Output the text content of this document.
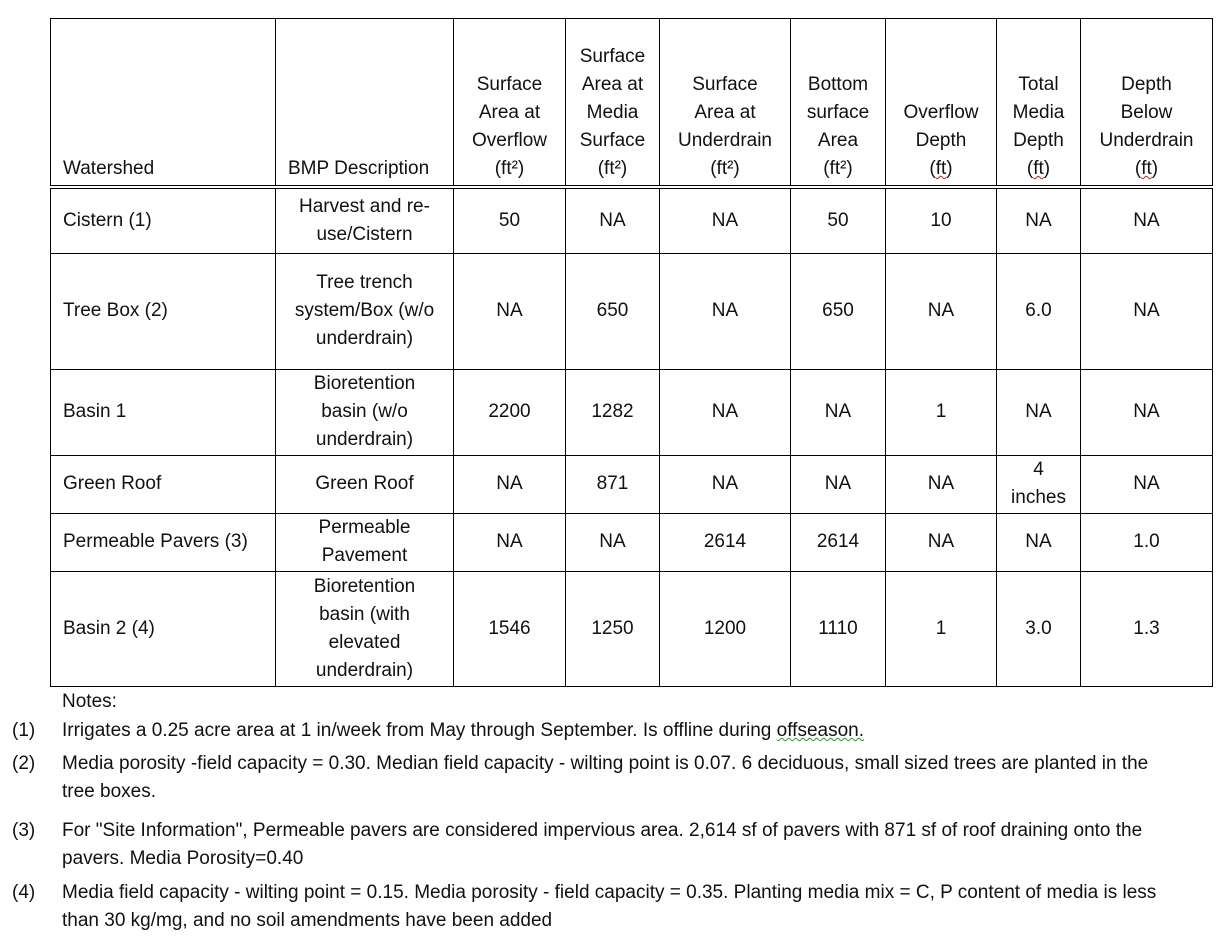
Watershed	BMP Description	Surface
Area at
Overflow
(ft²)	Surface
Area at
Media
Surface
(ft²)	Surface
Area at
Underdrain
(ft²)	Bottom
surface
Area
(ft²)	Overflow
Depth
(ft)	Total
Media
Depth
(ft)	Depth
Below
Underdrain
(ft)
Cistern (1)	Harvest and re-use/Cistern	50	NA	NA	50	10	NA	NA
Tree Box (2)	Tree trench system/Box (w/o underdrain)	NA	650	NA	650	NA	6.0	NA
Basin 1	Bioretention basin (w/o underdrain)	2200	1282	NA	NA	1	NA	NA
Green Roof	Green Roof	NA	871	NA	NA	NA	4 inches	NA
Permeable Pavers (3)	Permeable Pavement	NA	NA	2614	2614	NA	NA	1.0
Basin 2 (4)	Bioretention basin (with elevated underdrain)	1546	1250	1200	1110	1	3.0	1.3
Notes:
(1) Irrigates a 0.25 acre area at 1 in/week from May through September. Is offline during offseason.
(2) Media porosity -field capacity = 0.30. Median field capacity - wilting point is 0.07. 6 deciduous, small sized trees are planted in the tree boxes.
(3) For "Site Information", Permeable pavers are considered impervious area. 2,614 sf of pavers with 871 sf of roof draining onto the pavers. Media Porosity=0.40
(4) Media field capacity - wilting point = 0.15. Media porosity - field capacity = 0.35. Planting media mix = C, P content of media is less than 30 kg/mg, and no soil amendments have been added
